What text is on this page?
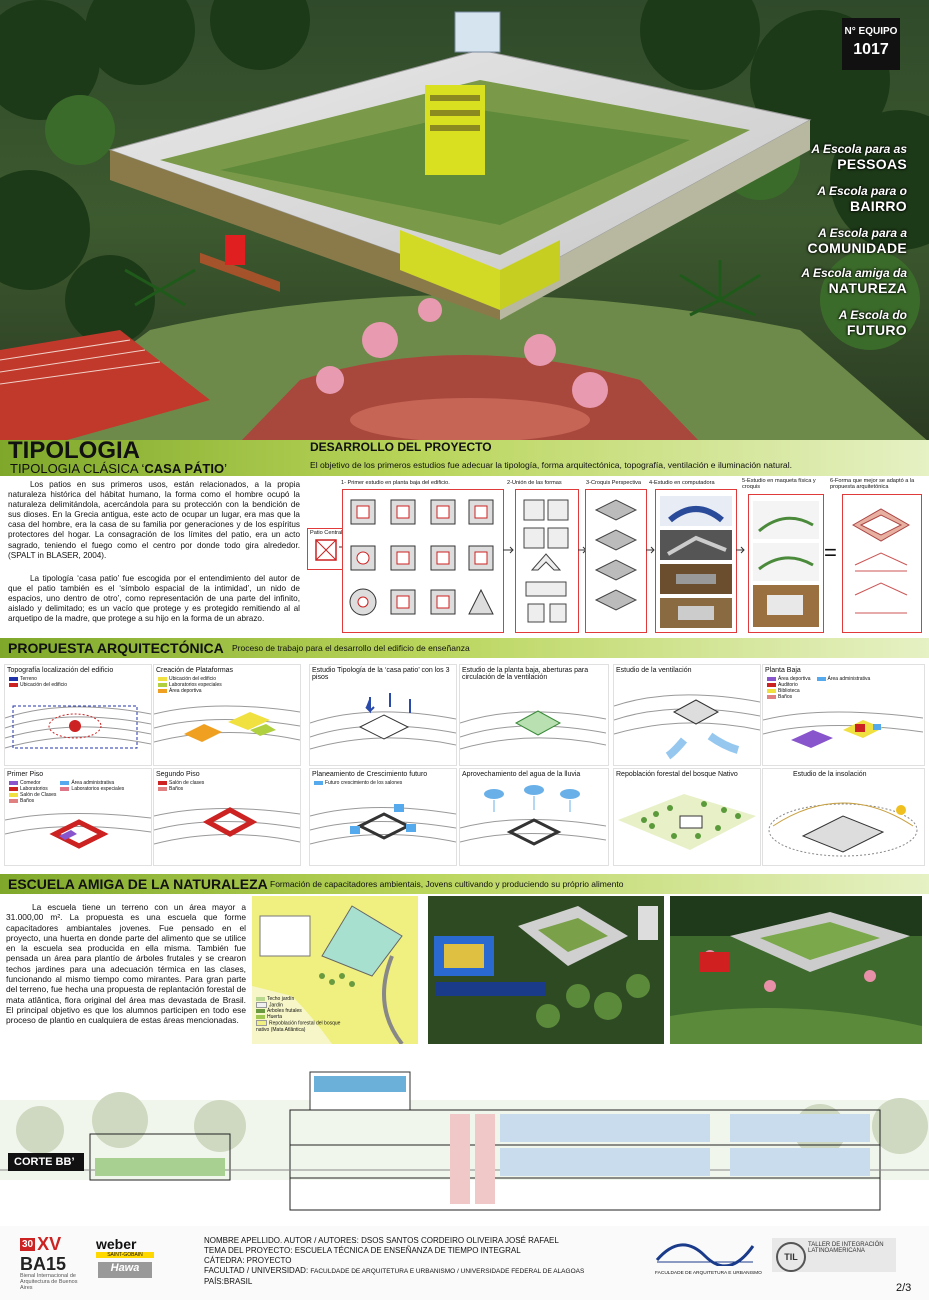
N° EQUIPO
1017
A Escola para as
PESSOAS
A Escola para o
BAIRRO
A Escola para a
COMUNIDADE
A Escola amiga da
NATUREZA
A Escola do
FUTURO
TIPOLOGIA
TIPOLOGIA CLÁSICA ‘CASA PÁTIO’
DESARROLLO DEL PROYECTO
El objetivo de los primeros estudios fue adecuar la tipología, forma arquitectónica, topografía, ventilación e iluminación natural.
Los patios en sus primeros usos, están relacionados, a la propia naturaleza histórica del hábitat humano, la forma como el hombre ocupó la naturaleza delimitándola, acercándola para su protección con la bendición de sus dioses. En la Grecia antigua, este acto de ocupar un lugar, era mas que la casa del hombre, era la casa de su familia por generaciones y de los espíritus protectores del hogar. La consagración de los límites del patio, era un acto sagrado, teniendo el fuego como el centro por donde todo gira alrededor. (SPALT in BLASER, 2004).
La tipología ‘casa patio’ fue escogida por el entendimiento del autor de que el patio también es el ‘símbolo espacial de la intimidad’, un nido de espacios, uno dentro de otro’, como representación de una parte del infinito, aislado y delimitado; es un vacío que protege y es protegido remitiendo al al arquetipo de la madre, que protege a su hijo en la forma de un abrazo.
Patio Central
1- Primer estudio en planta baja del edificio.	2-Unión de las formas	3-Croquis Perspectiva 4-Estudio en computadora	5-Estudio en maqueta física y croquis
=
6-Forma que mejor se adaptó a la propuesta arquitetónica
PROPUESTA ARQUITECTÓNICA Proceso de trabajo para el desarrollo del edificio de enseñanza
Topografía localización del edificio
Terreno
Ubicación del edificio
Creación de Plataformas
Ubicación del edificio
Laboratorios especiales
Área deportiva
Estudio Tipología de la ‘casa patio’ con los 3 pisos
Estudio de la planta baja, aberturas para circulación de la ventilación
Estudio de la ventilación	Planta Baja
Área deportiva
Auditorio
Biblioteca
Baños
Área administrativa
Primer Piso
Comedor
Laboratorios
Salón de Clases
Baños
Área administrativa
Laboratorios especiales
Segundo Piso
Salón de clases
Baños
Planeamiento de Crescimiento futuro
Futuro crescimiento de los salones
Aprovechamiento del agua de la lluvia	Repoblación forestal del bosque Nativo	Estudio de la insolación
ESCUELA AMIGA DE LA NATURALEZA Formación de capacitadores ambientais, Jovens cultivando y produciendo su próprio alimento
La escuela tiene un terreno con un área mayor a 31.000,00 m². La propuesta es una escuela que forme capacitadores ambiantales jovenes. Fue pensado en el proyecto, una huerta en donde parte del alimento que se utilice en la escuela sea producida en ella misma. También fue pensada un área para plantío de árboles frutales y se crearon techos jardines para una adecuación térmica en las clases, funcionando al mismo tiempo como mirantes. Para gran parte del terreno, fue hecha una propuesta de replantación forestal de mata atlântica, flora original del área mas devastada de Brasil. El principal objetivo es que los alumnos participen en todo ese proceso de plantio en cualquiera de estas áreas mencionadas.
Techo jardín
Jardín
Árboles frutales
Huerta
Repoblación forestal del bosque nativo (Mata Atlântica)
CORTE BB’
30 XV
BA15
Bienal Internacional de Arquitectura de Buenos Aires
weber
SAINT-GOBAIN
Hawa
NOMBRE APELLIDO. AUTOR / AUTORES: DSOS SANTOS CORDEIRO OLIVEIRA JOSÉ RAFAEL
TEMA DEL PROYECTO: ESCUELA TÉCNICA DE ENSEÑANZA DE TIEMPO INTEGRAL
CÁTEDRA: PROYECTO
FACULTAD / UNIVERSIDAD: FACULDADE DE ARQUITETURA E URBANISMO / UNIVERSIDADE FEDERAL DE ALAGOAS
PAÍS:BRASIL
FACULDADE DE ARQUITETURA E URBANISMO
TIL
TALLER DE INTEGRACIÓN LATINOAMERICANA
2/3
